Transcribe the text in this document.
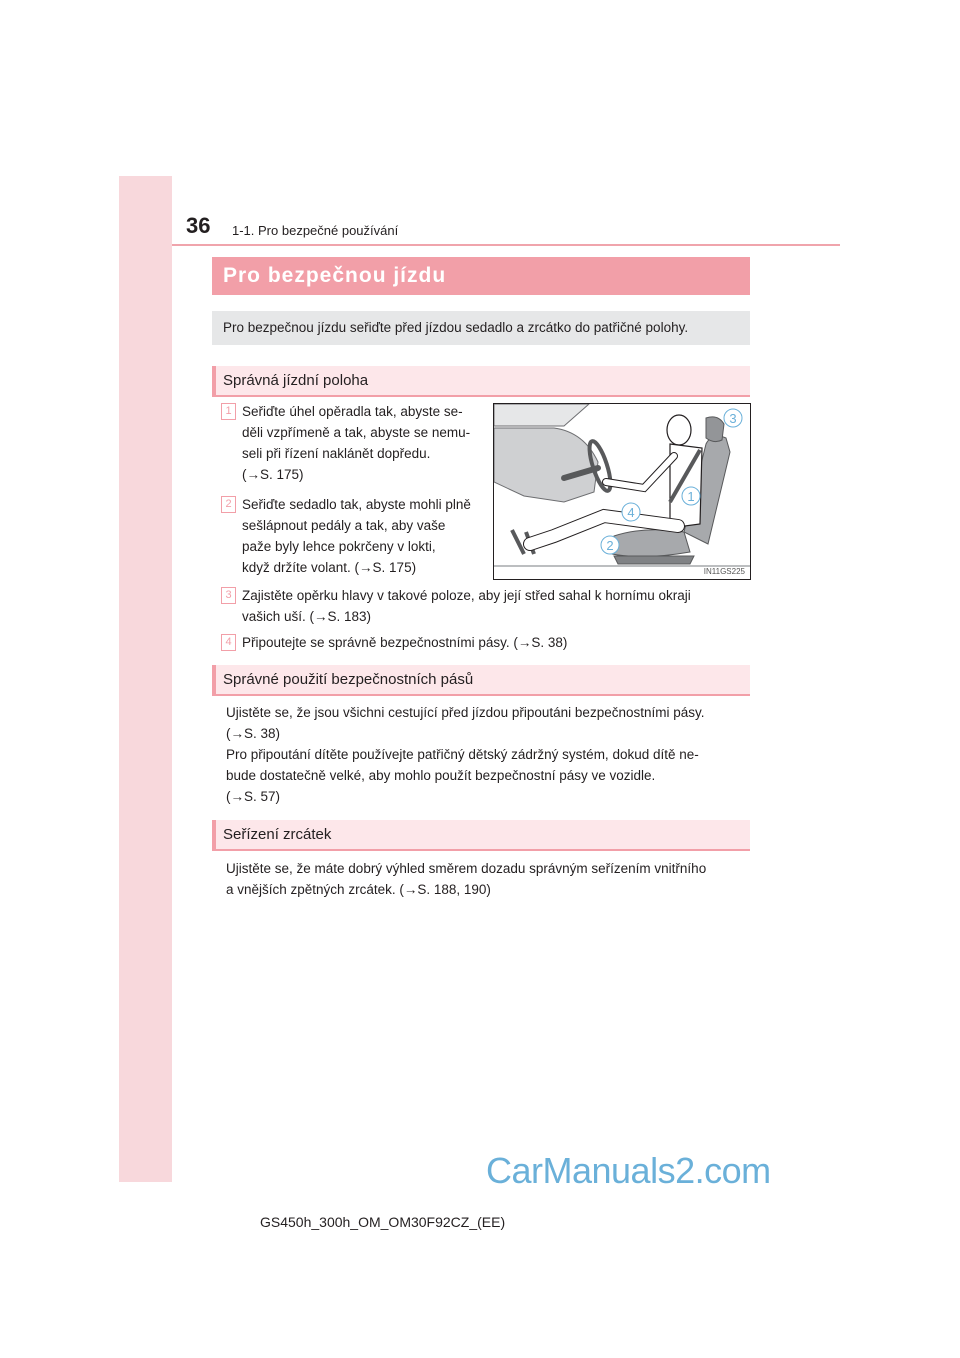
36 1-1. Pro bezpečné používání
Pro bezpečnou jízdu
Pro bezpečnou jízdu seřiďte před jízdou sedadlo a zrcátko do patřičné polohy.
Správná jízdní poloha
1 Seřiďte úhel opěradla tak, abyste se-
děli vzpřímeně a tak, abyste se nemu-
seli při řízení naklánět dopředu.
(→S. 175)
2 Seřiďte sedadlo tak, abyste mohli plně
sešlápnout pedály a tak, aby vaše
paže byly lehce pokrčeny v lokti,
když držíte volant. (→S. 175)
3
1
4
2
IN11GS225
3 Zajistěte opěrku hlavy v takové poloze, aby její střed sahal k hornímu okraji
vašich uší. (→S. 183)
4 Připoutejte se správně bezpečnostními pásy. (→S. 38)
Správné použití bezpečnostních pásů
Ujistěte se, že jsou všichni cestující před jízdou připoutáni bezpečnostními pásy.
(→S. 38)
Pro připoutání dítěte používejte patřičný dětský zádržný systém, dokud dítě ne-
bude dostatečně velké, aby mohlo použít bezpečnostní pásy ve vozidle.
(→S. 57)
Seřízení zrcátek
Ujistěte se, že máte dobrý výhled směrem dozadu správným seřízením vnitřního
a vnějších zpětných zrcátek. (→S. 188, 190)
CarManuals2.com
GS450h_300h_OM_OM30F92CZ_(EE)
